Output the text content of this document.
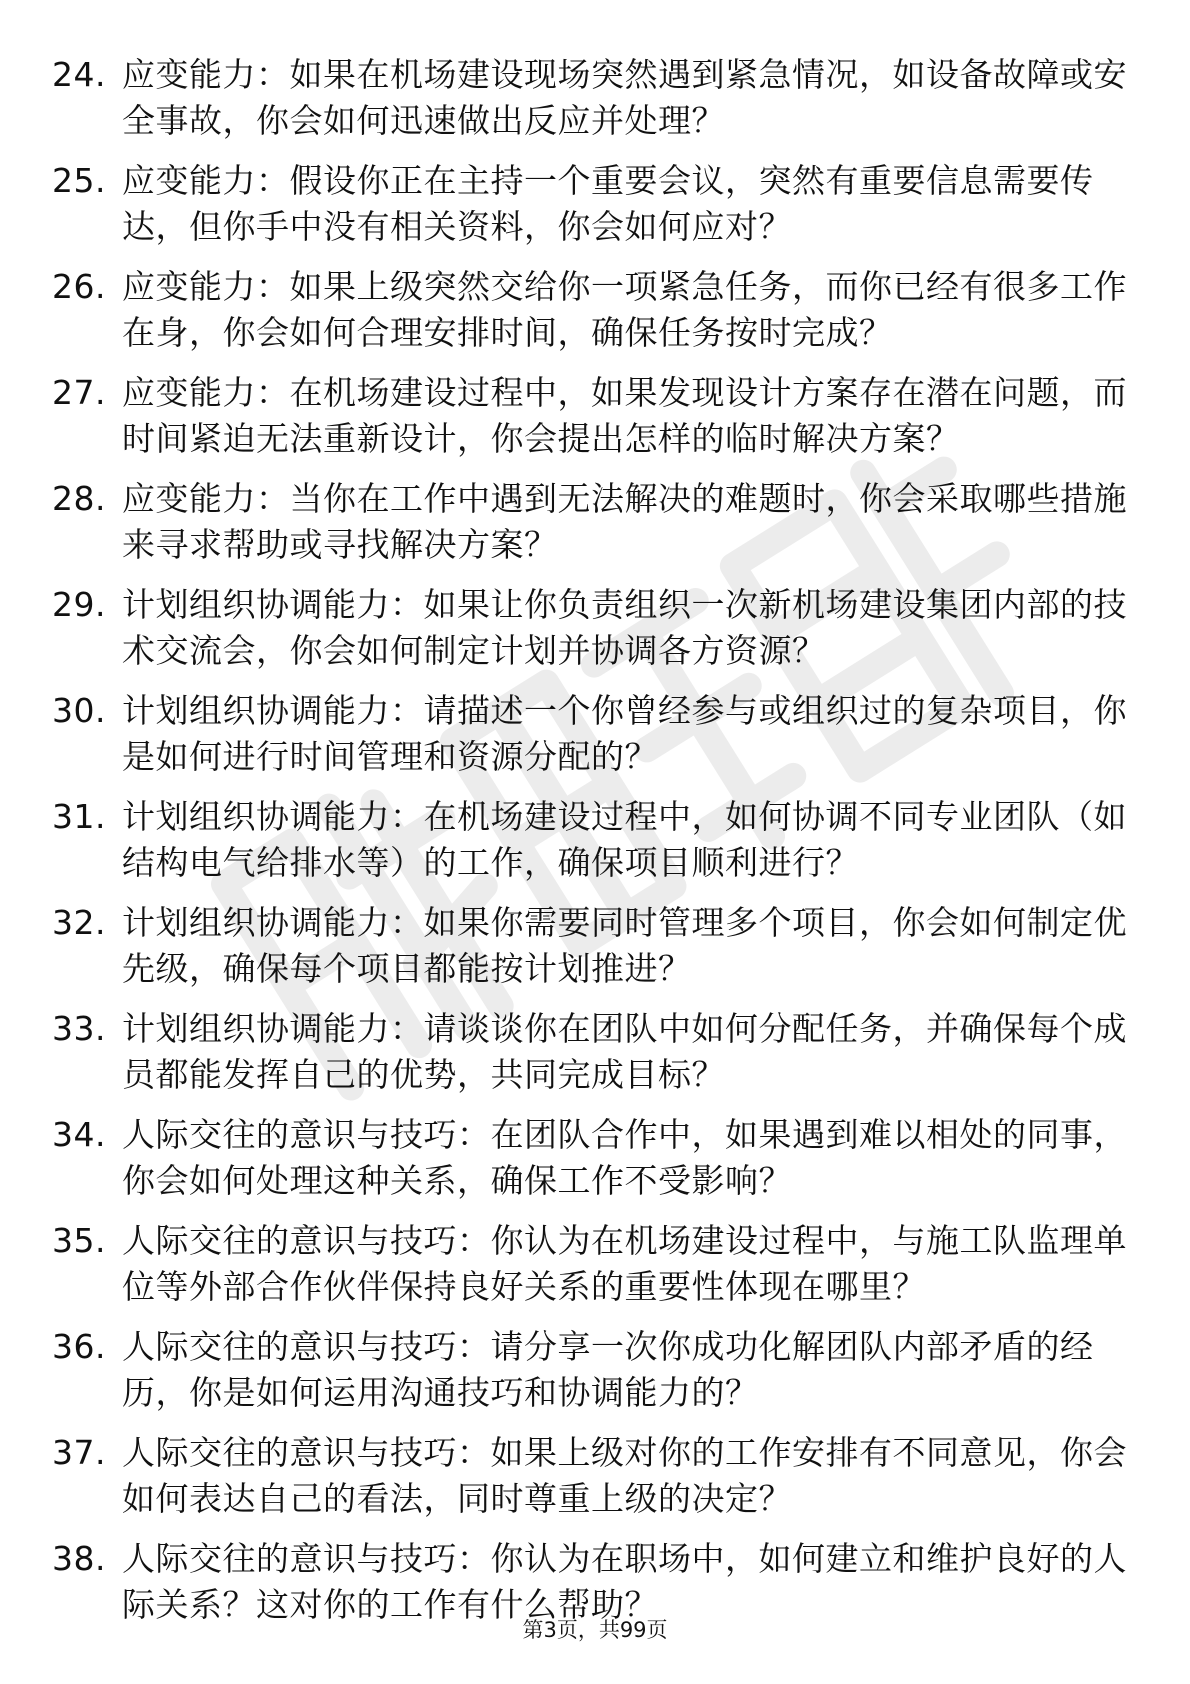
24. 应变能力：如果在机场建设现场突然遇到紧急情况，如设备故障或安全事故，你会如何迅速做出反应并处理？
25. 应变能力：假设你正在主持一个重要会议，突然有重要信息需要传达，但你手中没有相关资料，你会如何应对？
26. 应变能力：如果上级突然交给你一项紧急任务，而你已经有很多工作在身，你会如何合理安排时间，确保任务按时完成？
27. 应变能力：在机场建设过程中，如果发现设计方案存在潜在问题，而时间紧迫无法重新设计，你会提出怎样的临时解决方案？
28. 应变能力：当你在工作中遇到无法解决的难题时，你会采取哪些措施来寻求帮助或寻找解决方案？
29. 计划组织协调能力：如果让你负责组织一次新机场建设集团内部的技术交流会，你会如何制定计划并协调各方资源？
30. 计划组织协调能力：请描述一个你曾经参与或组织过的复杂项目，你是如何进行时间管理和资源分配的？
31. 计划组织协调能力：在机场建设过程中，如何协调不同专业团队（如结构电气给排水等）的工作，确保项目顺利进行？
32. 计划组织协调能力：如果你需要同时管理多个项目，你会如何制定优先级，确保每个项目都能按计划推进？
33. 计划组织协调能力：请谈谈你在团队中如何分配任务，并确保每个成员都能发挥自己的优势，共同完成目标？
34. 人际交往的意识与技巧：在团队合作中，如果遇到难以相处的同事，你会如何处理这种关系，确保工作不受影响？
35. 人际交往的意识与技巧：你认为在机场建设过程中，与施工队监理单位等外部合作伙伴保持良好关系的重要性体现在哪里？
36. 人际交往的意识与技巧：请分享一次你成功化解团队内部矛盾的经历，你是如何运用沟通技巧和协调能力的？
37. 人际交往的意识与技巧：如果上级对你的工作安排有不同意见，你会如何表达自己的看法，同时尊重上级的决定？
38. 人际交往的意识与技巧：你认为在职场中，如何建立和维护良好的人际关系？这对你的工作有什么帮助？
第3页，共99页
